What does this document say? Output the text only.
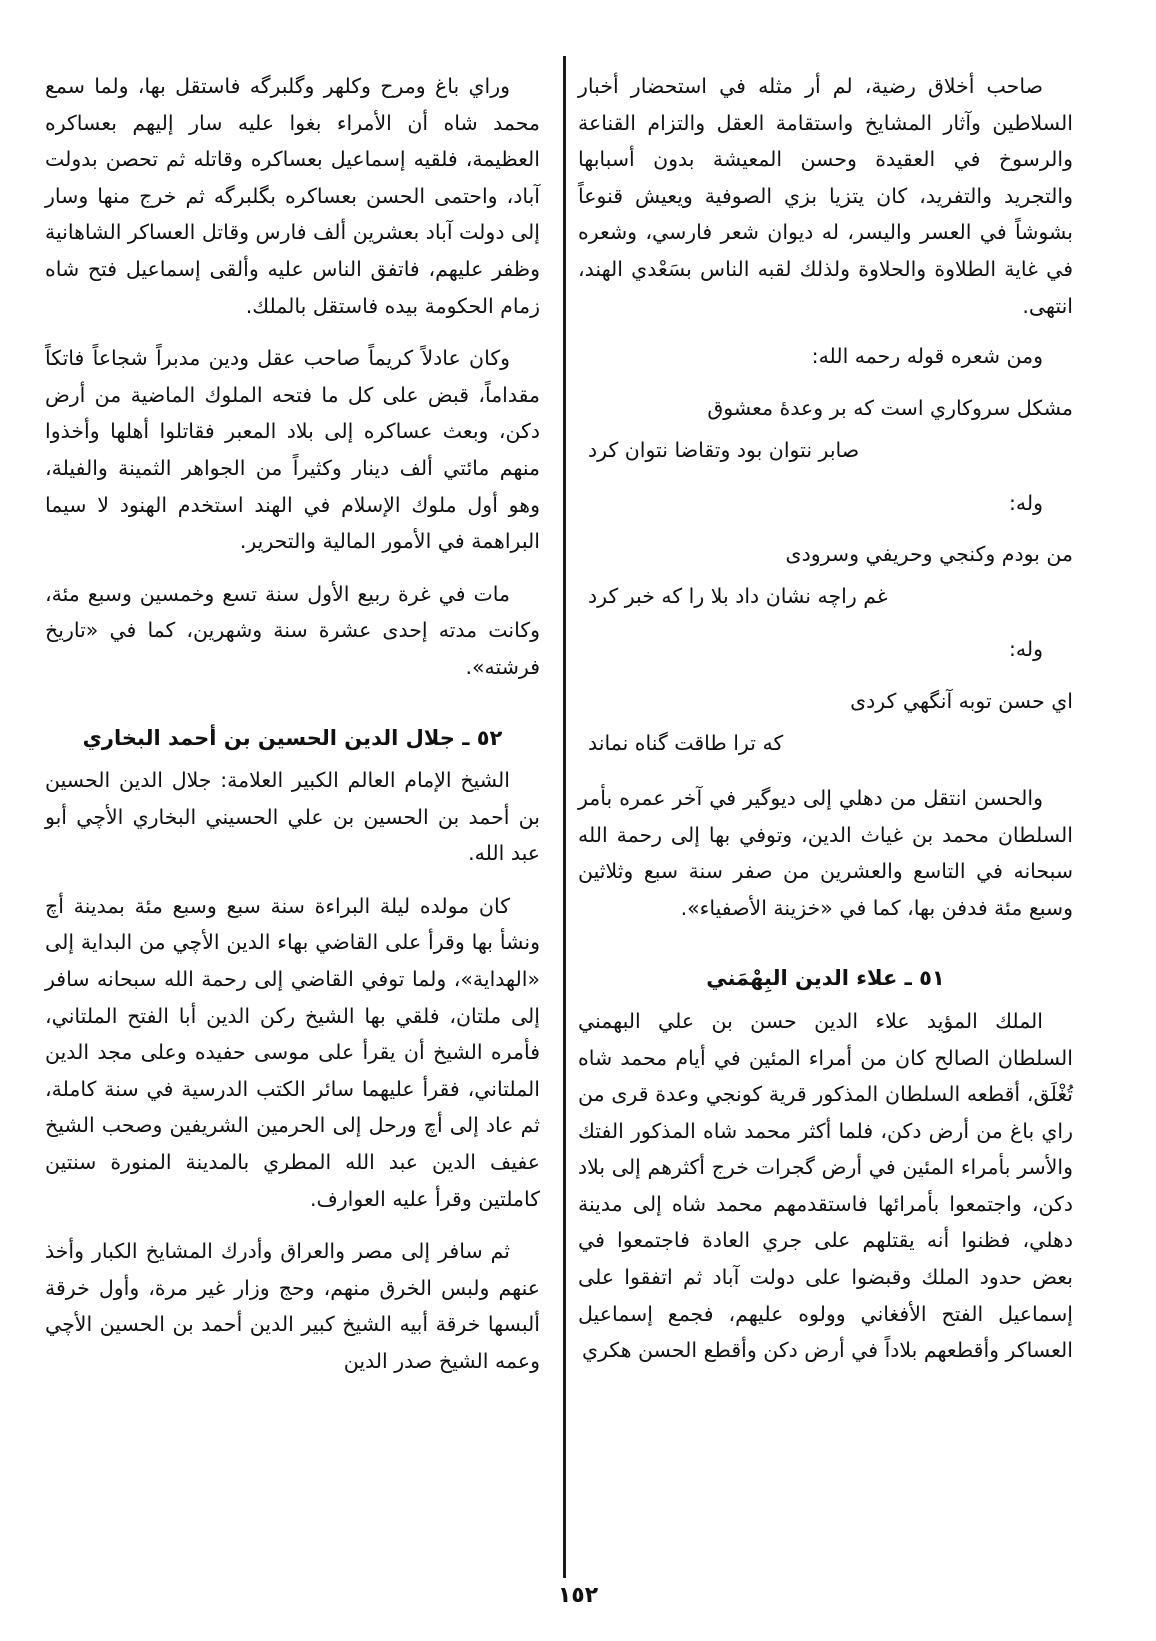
صاحب أخلاق رضية، لم أر مثله في استحضار أخبار السلاطين وآثار المشايخ واستقامة العقل والتزام القناعة والرسوخ في العقيدة وحسن المعيشة بدون أسبابها والتجريد والتفريد، كان يتزيا بزي الصوفية ويعيش قنوعاً بشوشاً في العسر واليسر، له ديوان شعر فارسي، وشعره في غاية الطلاوة والحلاوة ولذلك لقبه الناس بسَعْدي الهند، انتهى.

ومن شعره قوله رحمه الله:

مشكل سروكاري است كه بر وعدهٔ معشوق
صابر نتوان بود وتقاضا نتوان كرد

وله:

من بودم وكنجي وحريفي وسرودى
غم راچه نشان داد بلا را كه خبر كرد

وله:

اي حسن توبه آنگهي كردى
كه ترا طاقت گناه نماند

والحسن انتقل من دهلي إلى ديوگير في آخر عمره بأمر السلطان محمد بن غياث الدين، وتوفي بها إلى رحمة الله سبحانه في التاسع والعشرين من صفر سنة سبع وثلاثين وسبع مئة فدفن بها، كما في «خزينة الأصفياء».

٥١ ـ علاء الدين البِهْمَني

الملك المؤيد علاء الدين حسن بن علي البهمني السلطان الصالح كان من أمراء المئين في أيام محمد شاه تُغْلَق، أقطعه السلطان المذكور قرية كونجي وعدة قرى من راي باغ من أرض دكن، فلما أكثر محمد شاه المذكور الفتك والأسر بأمراء المئين في أرض گجرات خرج أكثرهم إلى بلاد دكن، واجتمعوا بأمرائها فاستقدمهم محمد شاه إلى مدينة دهلي، فظنوا أنه يقتلهم على جري العادة فاجتمعوا في بعض حدود الملك وقبضوا على دولت آباد ثم اتفقوا على إسماعيل الفتح الأفغاني وولوه عليهم، فجمع إسماعيل العساكر وأقطعهم بلاداً في أرض دكن وأقطع الحسن هكري

وراي باغ ومرح وكلهر وگلبرگه فاستقل بها، ولما سمع محمد شاه أن الأمراء بغوا عليه سار إليهم بعساكره العظيمة، فلقيه إسماعيل بعساكره وقاتله ثم تحصن بدولت آباد، واحتمى الحسن بعساكره بگلبرگه ثم خرج منها وسار إلى دولت آباد بعشرين ألف فارس وقاتل العساكر الشاهانية وظفر عليهم، فاتفق الناس عليه وألقى إسماعيل فتح شاه زمام الحكومة بيده فاستقل بالملك.

وكان عادلاً كريماً صاحب عقل ودين مدبراً شجاعاً فاتكاً مقداماً، قبض على كل ما فتحه الملوك الماضية من أرض دكن، وبعث عساكره إلى بلاد المعبر فقاتلوا أهلها وأخذوا منهم مائتي ألف دينار وكثيراً من الجواهر الثمينة والفيلة، وهو أول ملوك الإسلام في الهند استخدم الهنود لا سيما البراهمة في الأمور المالية والتحرير.

مات في غرة ربيع الأول سنة تسع وخمسين وسبع مئة، وكانت مدته إحدى عشرة سنة وشهرين، كما في «تاريخ فرشته».

٥٢ ـ جلال الدين الحسين بن أحمد البخاري

الشيخ الإمام العالم الكبير العلامة: جلال الدين الحسين بن أحمد بن الحسين بن علي الحسيني البخاري الأچي أبو عبد الله.

كان مولده ليلة البراءة سنة سبع وسبع مئة بمدينة أچ ونشأ بها وقرأ على القاضي بهاء الدين الأچي من البداية إلى «الهداية»، ولما توفي القاضي إلى رحمة الله سبحانه سافر إلى ملتان، فلقي بها الشيخ ركن الدين أبا الفتح الملتاني، فأمره الشيخ أن يقرأ على موسى حفيده وعلى مجد الدين الملتاني، فقرأ عليهما سائر الكتب الدرسية في سنة كاملة، ثم عاد إلى أچ ورحل إلى الحرمين الشريفين وصحب الشيخ عفيف الدين عبد الله المطري بالمدينة المنورة سنتين كاملتين وقرأ عليه العوارف.

ثم سافر إلى مصر والعراق وأدرك المشايخ الكبار وأخذ عنهم ولبس الخرق منهم، وحج وزار غير مرة، وأول خرقة ألبسها خرقة أبيه الشيخ كبير الدين أحمد بن الحسين الأچي وعمه الشيخ صدر الدين

١٥٢
